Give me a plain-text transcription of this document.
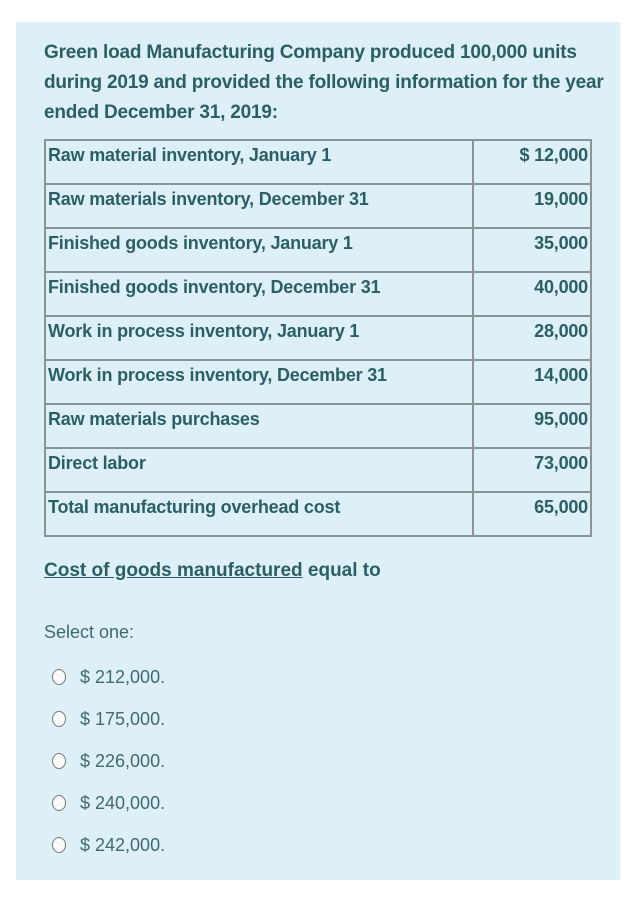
Green load Manufacturing Company produced 100,000 units during 2019 and provided the following information for the year ended December 31, 2019:
Raw material inventory, January 1	$ 12,000
Raw materials inventory, December 31	19,000
Finished goods inventory, January 1	35,000
Finished goods inventory, December 31	40,000
Work in process inventory, January 1	28,000
Work in process inventory, December 31	14,000
Raw materials purchases	95,000
Direct labor	73,000
Total manufacturing overhead cost	65,000
Cost of goods manufactured equal to
Select one:
$ 212,000.
$ 175,000.
$ 226,000.
$ 240,000.
$ 242,000.
